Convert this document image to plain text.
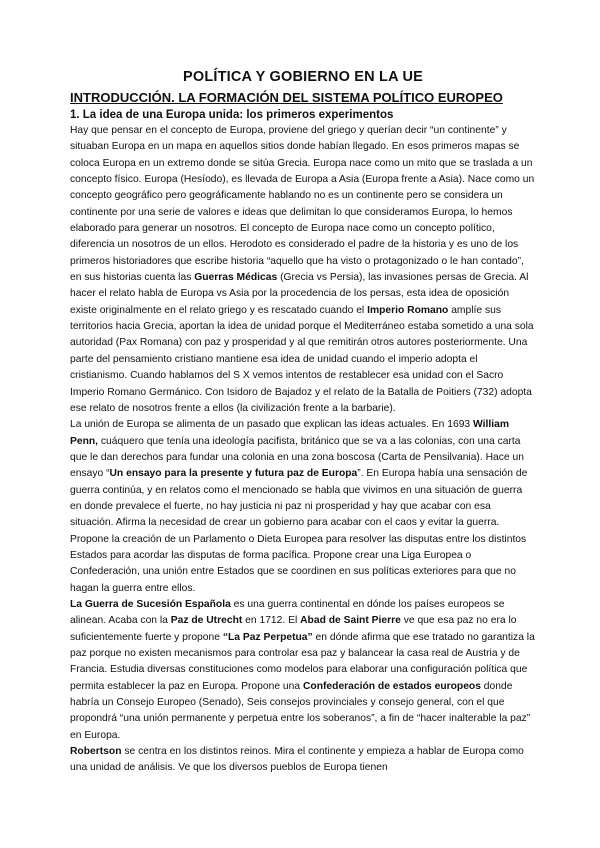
POLÍTICA Y GOBIERNO EN LA UE
INTRODUCCIÓN. LA FORMACIÓN DEL SISTEMA POLÍTICO EUROPEO
1. La idea de una Europa unida: los primeros experimentos

Hay que pensar en el concepto de Europa, proviene del griego y querían decir “un continente” y situaban Europa en un mapa en aquellos sitios donde habían llegado. En esos primeros mapas se coloca Europa en un extremo donde se sitúa Grecia. Europa nace como un mito que se traslada a un concepto físico. Europa (Hesíodo), es llevada de Europa a Asia (Europa frente a Asia). Nace como un concepto geográfico pero geográficamente hablando no es un continente pero se considera un continente por una serie de valores e ideas que delimitan lo que consideramos Europa, lo hemos elaborado para generar un nosotros. El concepto de Europa nace como un concepto político, diferencia un nosotros de un ellos. Herodoto es considerado el padre de la historia y es uno de los primeros historiadores que escribe historia “aquello que ha visto o protagonizado o le han contado”, en sus historias cuenta las Guerras Médicas (Grecia vs Persia), las invasiones persas de Grecia. Al hacer el relato habla de Europa vs Asia por la procedencia de los persas, esta idea de oposición existe originalmente en el relato griego y es rescatado cuando el Imperio Romano amplíe sus territorios hacia Grecia, aportan la idea de unidad porque el Mediterráneo estaba sometido a una sola autoridad (Pax Romana) con paz y prosperidad y al que remitirán otros autores posteriormente. Una parte del pensamiento cristiano mantiene esa idea de unidad cuando el imperio adopta el cristianismo. Cuando hablamos del S X vemos intentos de restablecer esa unidad con el Sacro Imperio Romano Germánico. Con Isidoro de Bajadoz y el relato de la Batalla de Poitiers (732) adopta ese relato de nosotros frente a ellos (la civilización frente a la barbarie).

La unión de Europa se alimenta de un pasado que explican las ideas actuales. En 1693 William Penn, cuáquero que tenía una ideología pacifista, británico que se va a las colonias, con una carta que le dan derechos para fundar una colonia en una zona boscosa (Carta de Pensilvania). Hace un ensayo “Un ensayo para la presente y futura paz de Europa”. En Europa había una sensación de guerra continúa, y en relatos como el mencionado se habla que vivimos en una situación de guerra en donde prevalece el fuerte, no hay justicia ni paz ni prosperidad y hay que acabar con esa situación. Afirma la necesidad de crear un gobierno para acabar con el caos y evitar la guerra. Propone la creación de un Parlamento o Dieta Europea para resolver las disputas entre los distintos Estados para acordar las disputas de forma pacífica. Propone crear una Liga Europea o Confederación, una unión entre Estados que se coordinen en sus políticas exteriores para que no hagan la guerra entre ellos.

La Guerra de Sucesión Española es una guerra continental en dónde los países europeos se alinean. Acaba con la Paz de Utrecht en 1712. El Abad de Saint Pierre ve que esa paz no era lo suficientemente fuerte y propone “La Paz Perpetua” en dónde afirma que ese tratado no garantiza la paz porque no existen mecanismos para controlar esa paz y balancear la casa real de Austria y de Francia. Estudia diversas constituciones como modelos para elaborar una configuración política que permita establecer la paz en Europa. Propone una Confederación de estados europeos donde habría un Consejo Europeo (Senado), Seis consejos provinciales y consejo general, con el que propondrá “una unión permanente y perpetua entre los soberanos”, a fin de “hacer inalterable la paz” en Europa.

Robertson se centra en los distintos reinos. Mira el continente y empieza a hablar de Europa como una unidad de análisis. Ve que los diversos pueblos de Europa tienen
